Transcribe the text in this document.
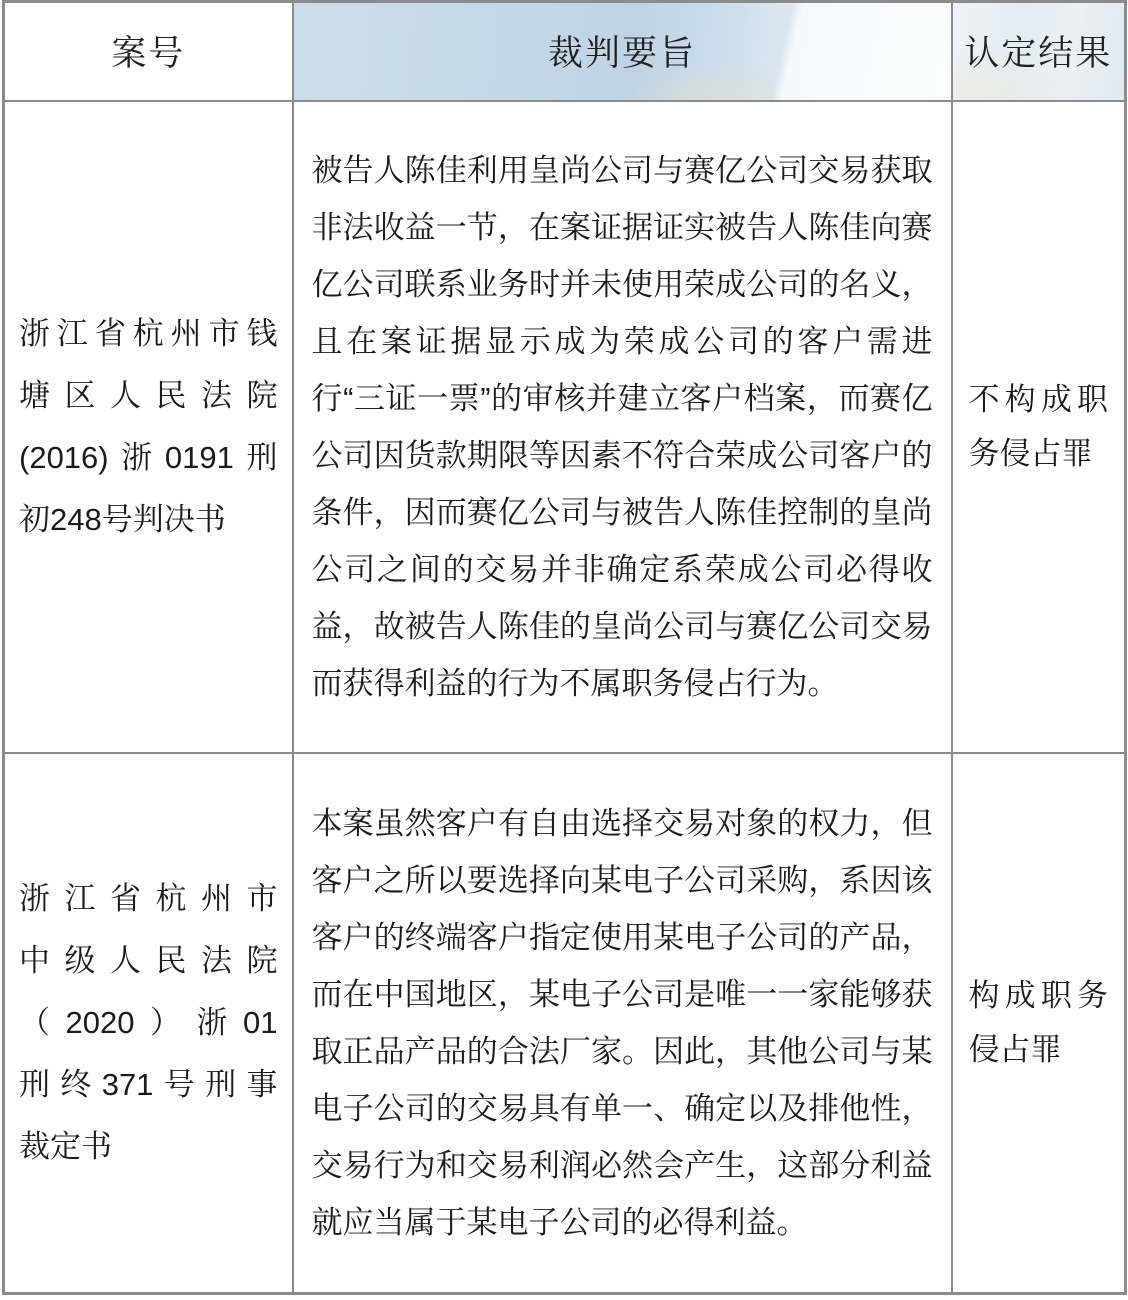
案号	裁判要旨	认定结果

浙江省杭州市钱
塘区人民法院
(2016)浙0191刑
初248号判决书	被告人陈佳利用皇尚公司与赛亿公司交易获取非法收益一节，在案证据证实被告人陈佳向赛亿公司联系业务时并未使用荣成公司的名义，且在案证据显示成为荣成公司的客户需进行“三证一票”的审核并建立客户档案，而赛亿公司因货款期限等因素不符合荣成公司客户的条件，因而赛亿公司与被告人陈佳控制的皇尚公司之间的交易并非确定系荣成公司必得收益，故被告人陈佳的皇尚公司与赛亿公司交易而获得利益的行为不属职务侵占行为。	不构成职务侵占罪

浙江省杭州市
中级人民法院
（2020）浙01
刑终371号刑事
裁定书	本案虽然客户有自由选择交易对象的权力，但客户之所以要选择向某电子公司采购，系因该客户的终端客户指定使用某电子公司的产品，而在中国地区，某电子公司是唯一一家能够获取正品产品的合法厂家。因此，其他公司与某电子公司的交易具有单一、确定以及排他性，交易行为和交易利润必然会产生，这部分利益就应当属于某电子公司的必得利益。	构成职务侵占罪
